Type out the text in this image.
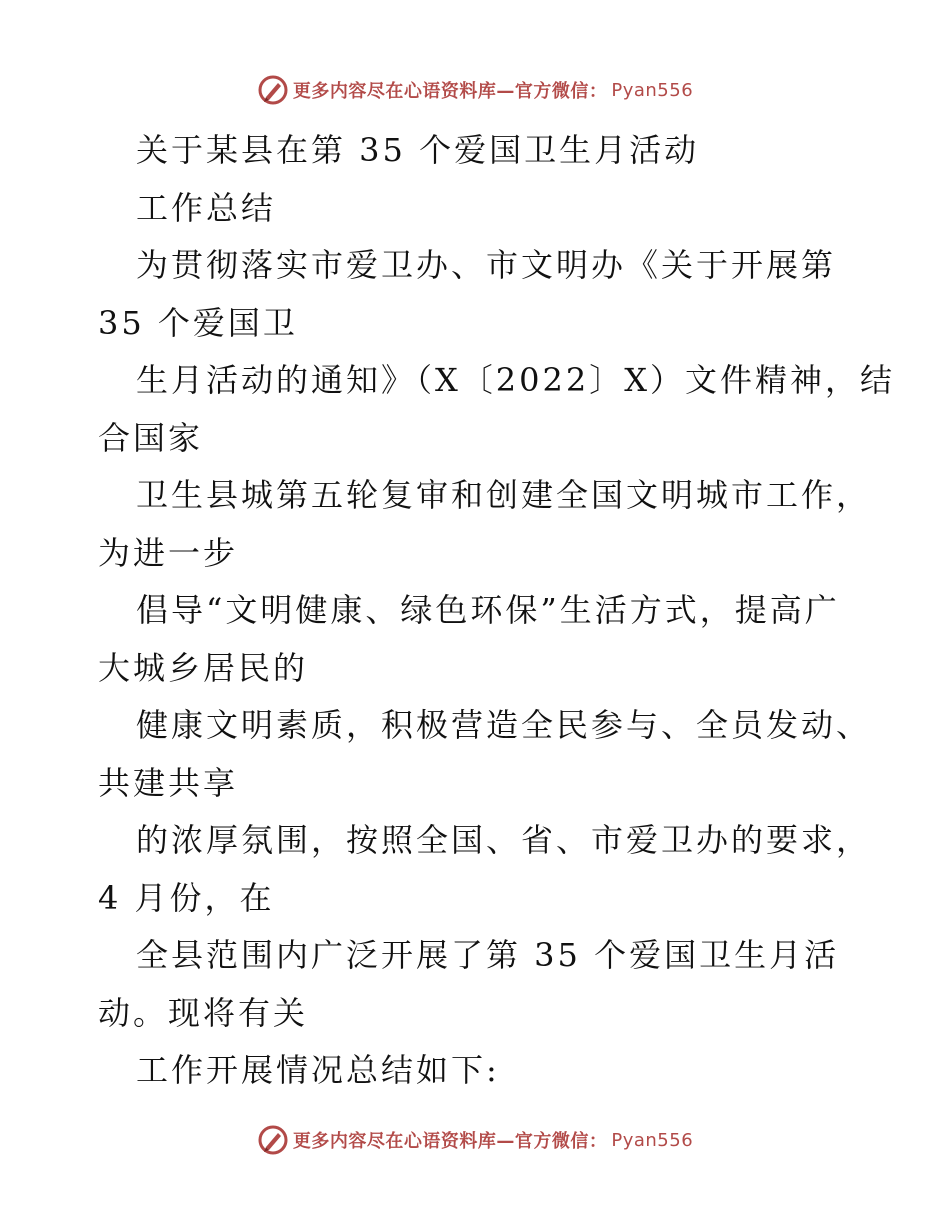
更多内容尽在心语资料库—官方微信： Pyan556
关于某县在第 35 个爱国卫生月活动
工作总结
为贯彻落实市爱卫办、市文明办《关于开展第
35 个爱国卫
生月活动的通知》（X〔2022〕X）文件精神，结
合国家
卫生县城第五轮复审和创建全国文明城市工作，
为进一步
倡导“文明健康、绿色环保”生活方式，提高广
大城乡居民的
健康文明素质，积极营造全民参与、全员发动、
共建共享
的浓厚氛围，按照全国、省、市爱卫办的要求，
4 月份，在
全县范围内广泛开展了第 35 个爱国卫生月活
动。现将有关
工作开展情况总结如下:
更多内容尽在心语资料库—官方微信： Pyan556
